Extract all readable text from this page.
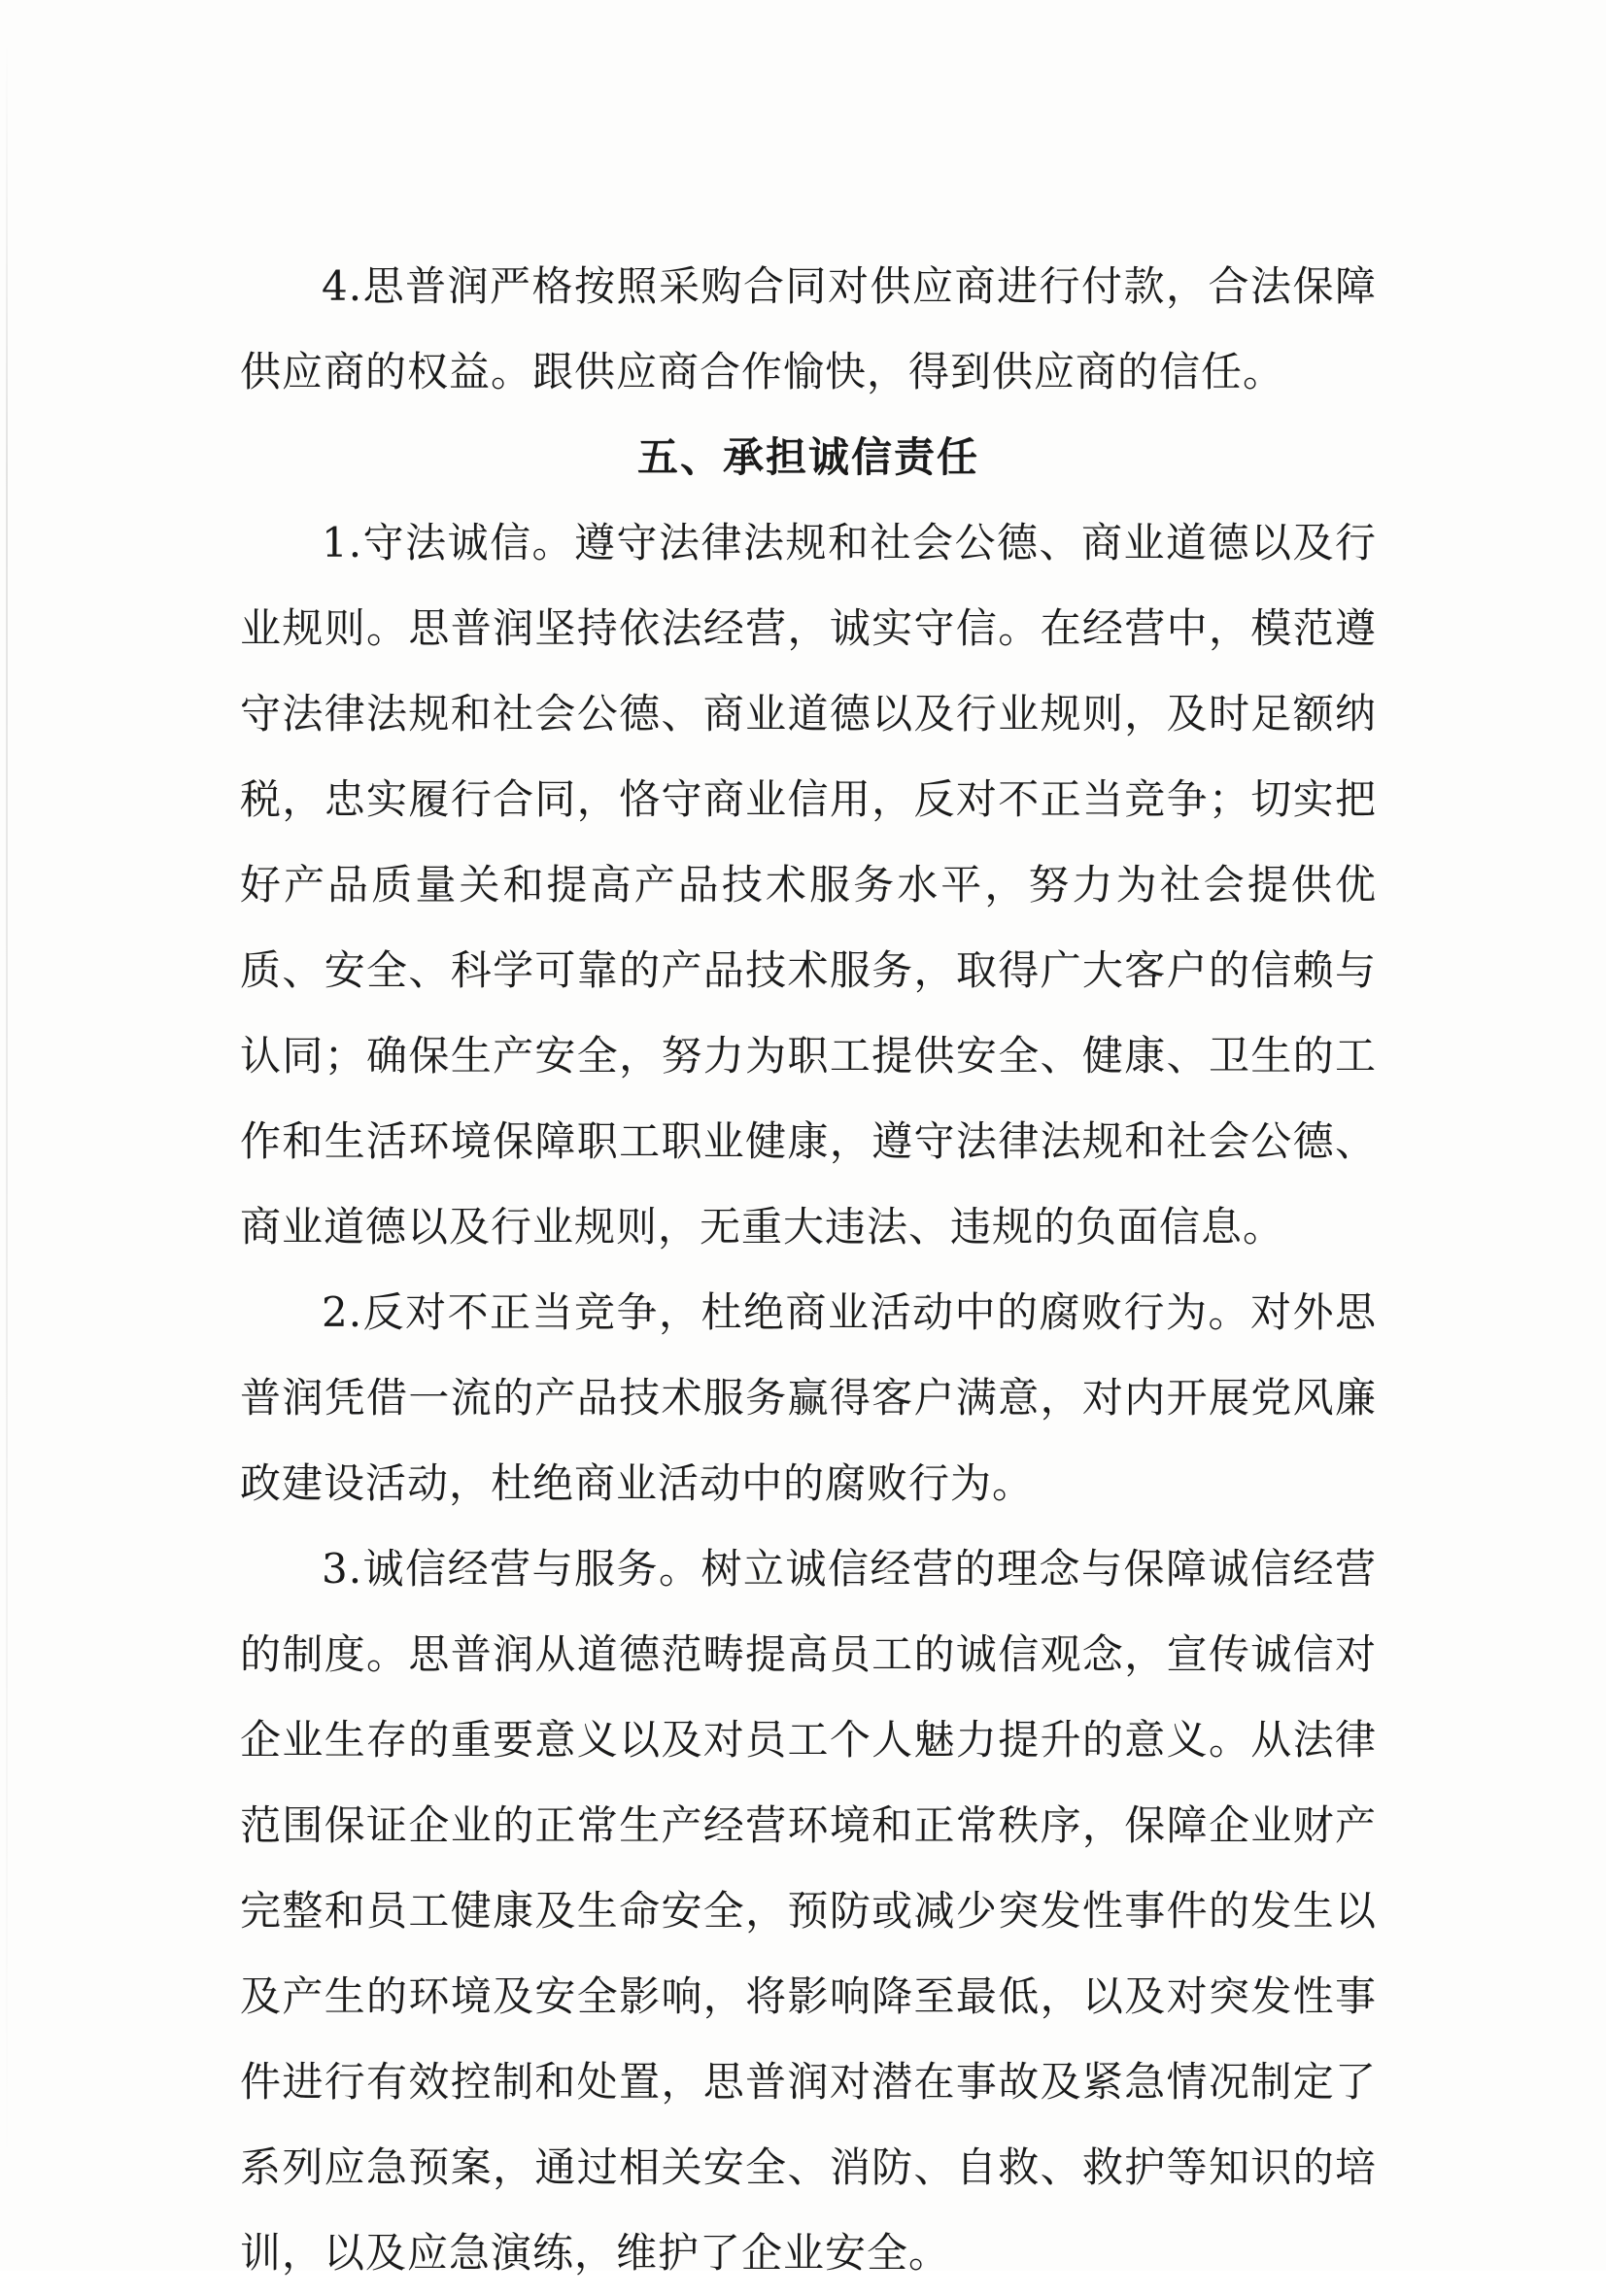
4.思普润严格按照采购合同对供应商进行付款，合法保障供应商的权益。跟供应商合作愉快，得到供应商的信任。

五、承担诚信责任

1.守法诚信。遵守法律法规和社会公德、商业道德以及行业规则。思普润坚持依法经营，诚实守信。在经营中，模范遵守法律法规和社会公德、商业道德以及行业规则，及时足额纳税，忠实履行合同，恪守商业信用，反对不正当竞争；切实把好产品质量关和提高产品技术服务水平，努力为社会提供优质、安全、科学可靠的产品技术服务，取得广大客户的信赖与认同；确保生产安全，努力为职工提供安全、健康、卫生的工作和生活环境保障职工职业健康，遵守法律法规和社会公德、商业道德以及行业规则，无重大违法、违规的负面信息。

2.反对不正当竞争，杜绝商业活动中的腐败行为。对外思普润凭借一流的产品技术服务赢得客户满意，对内开展党风廉政建设活动，杜绝商业活动中的腐败行为。

3.诚信经营与服务。树立诚信经营的理念与保障诚信经营的制度。思普润从道德范畴提高员工的诚信观念，宣传诚信对企业生存的重要意义以及对员工个人魅力提升的意义。从法律范围保证企业的正常生产经营环境和正常秩序，保障企业财产完整和员工健康及生命安全，预防或减少突发性事件的发生以及产生的环境及安全影响，将影响降至最低，以及对突发性事件进行有效控制和处置，思普润对潜在事故及紧急情况制定了系列应急预案，通过相关安全、消防、自救、救护等知识的培训，以及应急演练，维护了企业安全。
